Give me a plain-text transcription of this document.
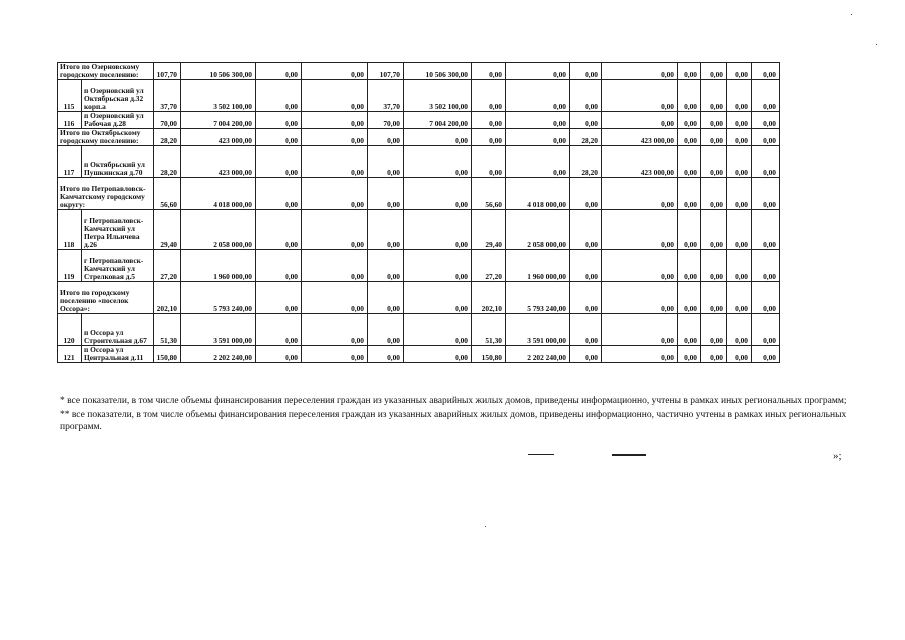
Итого по Озерновскому городскому поселению:		107,70	10 506 300,00	0,00	0,00	107,70	10 506 300,00	0,00	0,00	0,00	0,00	0,00	0,00	0,00	0,00
115	п Озерновский ул Октябрьская д.32 корп.а	37,70	3 502 100,00	0,00	0,00	37,70	3 502 100,00	0,00	0,00	0,00	0,00	0,00	0,00	0,00	0,00
116	п Озерновский ул Рабочая д.28	70,00	7 004 200,00	0,00	0,00	70,00	7 004 200,00	0,00	0,00	0,00	0,00	0,00	0,00	0,00	0,00
Итого по Октябрьскому городскому поселению:		28,20	423 000,00	0,00	0,00	0,00	0,00	0,00	0,00	28,20	423 000,00	0,00	0,00	0,00	0,00
117	п Октябрьский ул Пушкинская д.70	28,20	423 000,00	0,00	0,00	0,00	0,00	0,00	0,00	28,20	423 000,00	0,00	0,00	0,00	0,00
Итого по Петропавловск-Камчатскому городскому округу:		56,60	4 018 000,00	0,00	0,00	0,00	0,00	56,60	4 018 000,00	0,00	0,00	0,00	0,00	0,00	0,00
118	г Петропавловск-Камчатский ул Петра Ильичева д.26	29,40	2 058 000,00	0,00	0,00	0,00	0,00	29,40	2 058 000,00	0,00	0,00	0,00	0,00	0,00	0,00
119	г Петропавловск-Камчатский ул Стрелковая д.5	27,20	1 960 000,00	0,00	0,00	0,00	0,00	27,20	1 960 000,00	0,00	0,00	0,00	0,00	0,00	0,00
Итого по городскому поселению «поселок Оссора»:		202,10	5 793 240,00	0,00	0,00	0,00	0,00	202,10	5 793 240,00	0,00	0,00	0,00	0,00	0,00	0,00
120	п Оссора ул Строительная д.67	51,30	3 591 000,00	0,00	0,00	0,00	0,00	51,30	3 591 000,00	0,00	0,00	0,00	0,00	0,00	0,00
121	п Оссора ул Центральная д.11	150,80	2 202 240,00	0,00	0,00	0,00	0,00	150,80	2 202 240,00	0,00	0,00	0,00	0,00	0,00	0,00

* все показатели, в том числе объемы финансирования переселения граждан из указанных аварийных жилых домов, приведены информационно, учтены в рамках иных региональных программ;

** все показатели, в том числе объемы финансирования переселения граждан из указанных аварийных жилых домов, приведены информационно, частично учтены в рамках иных региональных программ.

»;
